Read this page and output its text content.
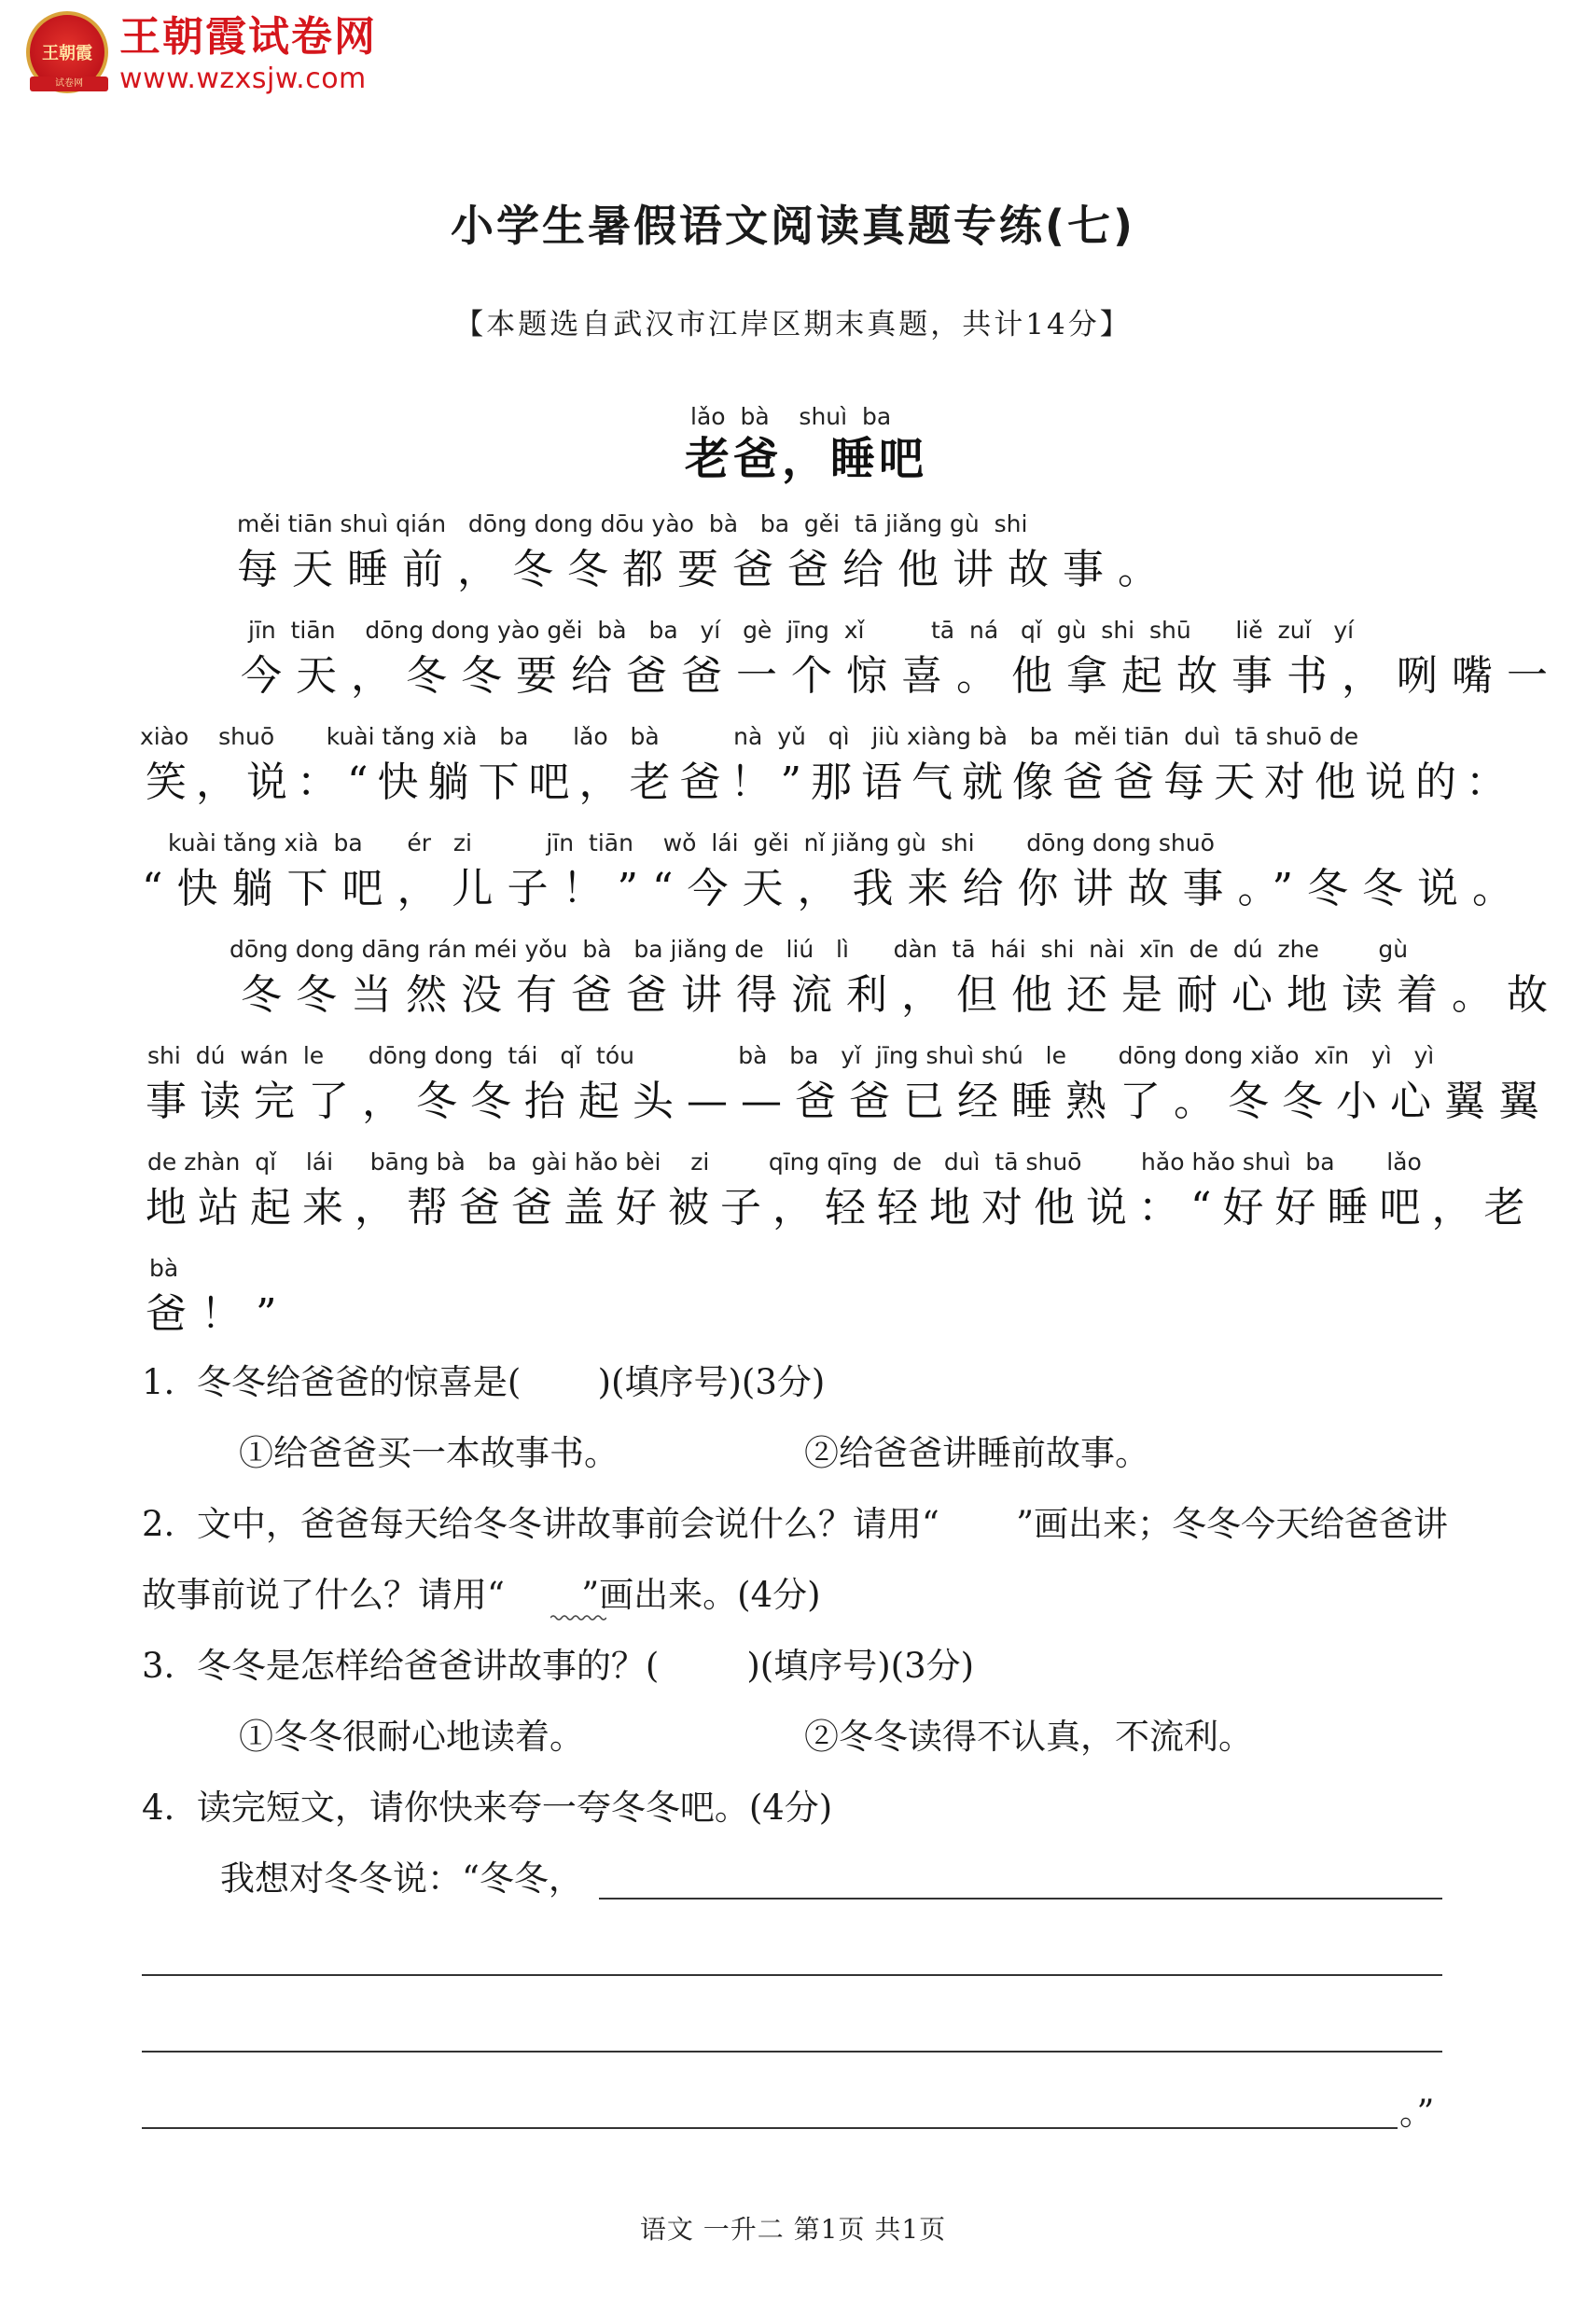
王朝霞
试卷网
王朝霞试卷网
www.wzxsjw.com
小学生暑假语文阅读真题专练(七)
【本题选自武汉市江岸区期末真题，共计14分】
lǎo  bà    shuì  ba
老爸，睡吧
měi tiān shuì qián   dōng dong dōu yào  bà   ba  gěi  tā jiǎng gù  shi
每天睡前，冬冬都要爸爸给他讲故事。
jīn  tiān    dōng dong yào gěi  bà   ba   yí   gè  jīng  xǐ         tā  ná   qǐ  gù  shi  shū      liě  zuǐ   yí
今天，冬冬要给爸爸一个惊喜。他拿起故事书，咧嘴一
xiào    shuō       kuài tǎng xià   ba      lǎo   bà          nà  yǔ   qì   jiù xiàng bà   ba  měi tiān  duì  tā shuō de
笑，说：“快躺下吧，老爸！”那语气就像爸爸每天对他说的：
kuài tǎng xià  ba      ér   zi          jīn  tiān    wǒ  lái  gěi  nǐ jiǎng gù  shi       dōng dong shuō
“快躺下吧，儿子！”“今天，我来给你讲故事。”冬冬说。
dōng dong dāng rán méi yǒu  bà   ba jiǎng de   liú   lì      dàn  tā  hái  shi  nài  xīn  de  dú  zhe        gù
冬冬当然没有爸爸讲得流利，但他还是耐心地读着。故
shi  dú  wán  le      dōng dong  tái   qǐ  tóu              bà   ba   yǐ  jīng shuì shú   le       dōng dong xiǎo  xīn   yì   yì
事读完了，冬冬抬起头——爸爸已经睡熟了。冬冬小心翼翼
de zhàn  qǐ    lái     bāng bà   ba  gài hǎo bèi    zi        qīng qīng  de   duì  tā shuō        hǎo hǎo shuì  ba       lǎo
地站起来，帮爸爸盖好被子，轻轻地对他说：“好好睡吧，老
bà
爸！”
1.  冬冬给爸爸的惊喜是(       )(填序号)(3分)
①给爸爸买一本故事书。	②给爸爸讲睡前故事。
2.  文中，爸爸每天给冬冬讲故事前会说什么？请用“       ”画出来；冬冬今天给爸爸讲
故事前说了什么？请用“       ”画出来。(4分)
3.  冬冬是怎样给爸爸讲故事的？(        )(填序号)(3分)
①冬冬很耐心地读着。	②冬冬读得不认真，不流利。
4.  读完短文，请你快来夸一夸冬冬吧。(4分)
我想对冬冬说：“冬冬，
。”
语文 一升二 第1页 共1页
